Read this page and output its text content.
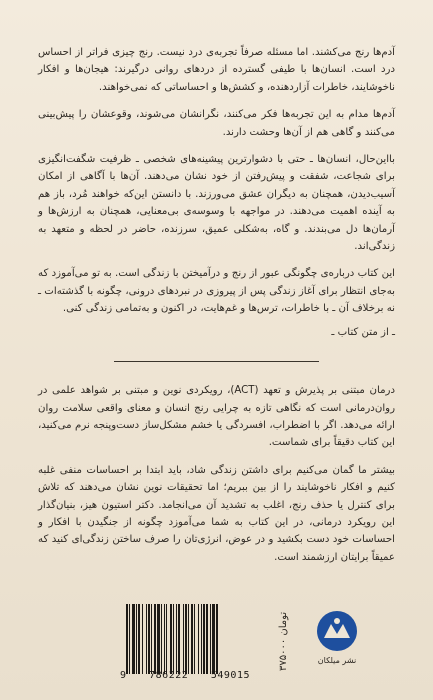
آدم‌ها رنج می‌کشند. اما مسئله صرفاً تجربه‌ی درد نیست. رنج چیزی فراتر از احساس درد است. انسان‌ها با طیفی گسترده از دردهای روانی درگیرند: هیجان‌ها و افکار ناخوشایند، خاطرات آزاردهنده، و کشش‌ها و احساساتی که نمی‌خواهند.

آدم‌ها مدام به این تجربه‌ها فکر می‌کنند، نگرانشان می‌شوند، وقوعشان را پیش‌بینی می‌کنند و گاهی هم از آن‌ها وحشت دارند.

بااین‌حال، انسان‌ها ـ حتی با دشوارترین پیشینه‌های شخصی ـ ظرفیت شگفت‌انگیزی برای شجاعت، شفقت و پیش‌رفتن از خود نشان می‌دهند. آن‌ها با آگاهی از امکان آسیب‌دیدن، همچنان به دیگران عشق می‌ورزند. با دانستن این‌که خواهند مُرد، باز هم به آینده اهمیت می‌دهند. در مواجهه با وسوسه‌ی بی‌معنایی، همچنان به ارزش‌ها و آرمان‌ها دل می‌بندند. و گاه، به‌شکلی عمیق، سرزنده، حاضر در لحظه و متعهد به زندگی‌اند.

این کتاب درباره‌ی چگونگی عبور از رنج و درآمیختن با زندگی است. به تو می‌آموزد که به‌جای انتظار برای آغاز زندگی پس از پیروزی در نبردهای درونی، چگونه با گذشته‌ات ـ نه برخلاف آن ـ با خاطرات، ترس‌ها و غم‌هایت، در اکنون و به‌تمامی زندگی کنی.

ـ از متن کتاب ـ

درمان مبتنی بر پذیرش و تعهد (ACT)، رویکردی نوین و مبتنی بر شواهد علمی در روان‌درمانی است که نگاهی تازه به چرایی رنج انسان و معنای واقعی سلامت روان ارائه می‌دهد. اگر با اضطراب، افسردگی یا خشم مشکل‌ساز دست‌وپنجه نرم می‌کنید، این کتاب دقیقاً برای شماست.

بیشتر ما گمان می‌کنیم برای داشتن زندگی شاد، باید ابتدا بر احساسات منفی غلبه کنیم و افکار ناخوشایند را از بین ببریم؛ اما تحقیقات نوین نشان می‌دهند که تلاش برای کنترل یا حذف رنج، اغلب به تشدید آن می‌انجامد. دکتر استیون هیز، بنیان‌گذار این رویکرد درمانی، در این کتاب به شما می‌آموزد چگونه از جنگیدن با افکار و احساسات خود دست بکشید و در عوض، انرژی‌تان را صرف ساختن زندگی‌ای کنید که عمیقاً برایتان ارزشمند است.

9 786222 549015
۳۷۵۰۰۰ تومان
نشر میلکان
